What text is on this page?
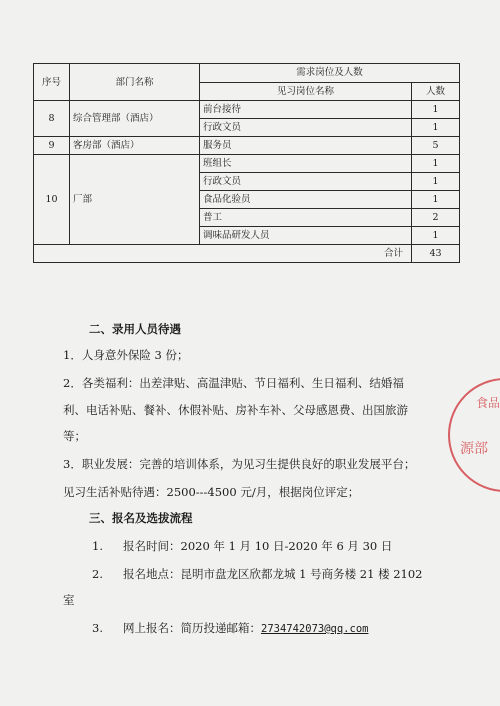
序号	部门名称	需求岗位及人数	
		见习岗位名称	人数
8	综合管理部（酒店）	前台接待	1
		行政文员	1
9	客房部（酒店）	服务员	5
10	厂部	班组长	1
		行政文员	1
		食品化验员	1
		普工	2
		调味品研发人员	1
合计			43
二、录用人员待遇
1．人身意外保险 3 份；
2．各类福利：出差津贴、高温津贴、节日福利、生日福利、结婚福
利、电话补贴、餐补、休假补贴、房补车补、父母感恩费、出国旅游
等；
3．职业发展：完善的培训体系，为见习生提供良好的职业发展平台；
见习生活补贴待遇：2500---4500 元/月，根据岗位评定；
三、报名及选拔流程
1. 报名时间：2020 年 1 月 10 日-2020 年 6 月 30 日
2. 报名地点：昆明市盘龙区欣都龙城 1 号商务楼 21 楼 2102
室
3. 网上报名：简历投递邮箱：2734742073@qq.com
食品
源部
